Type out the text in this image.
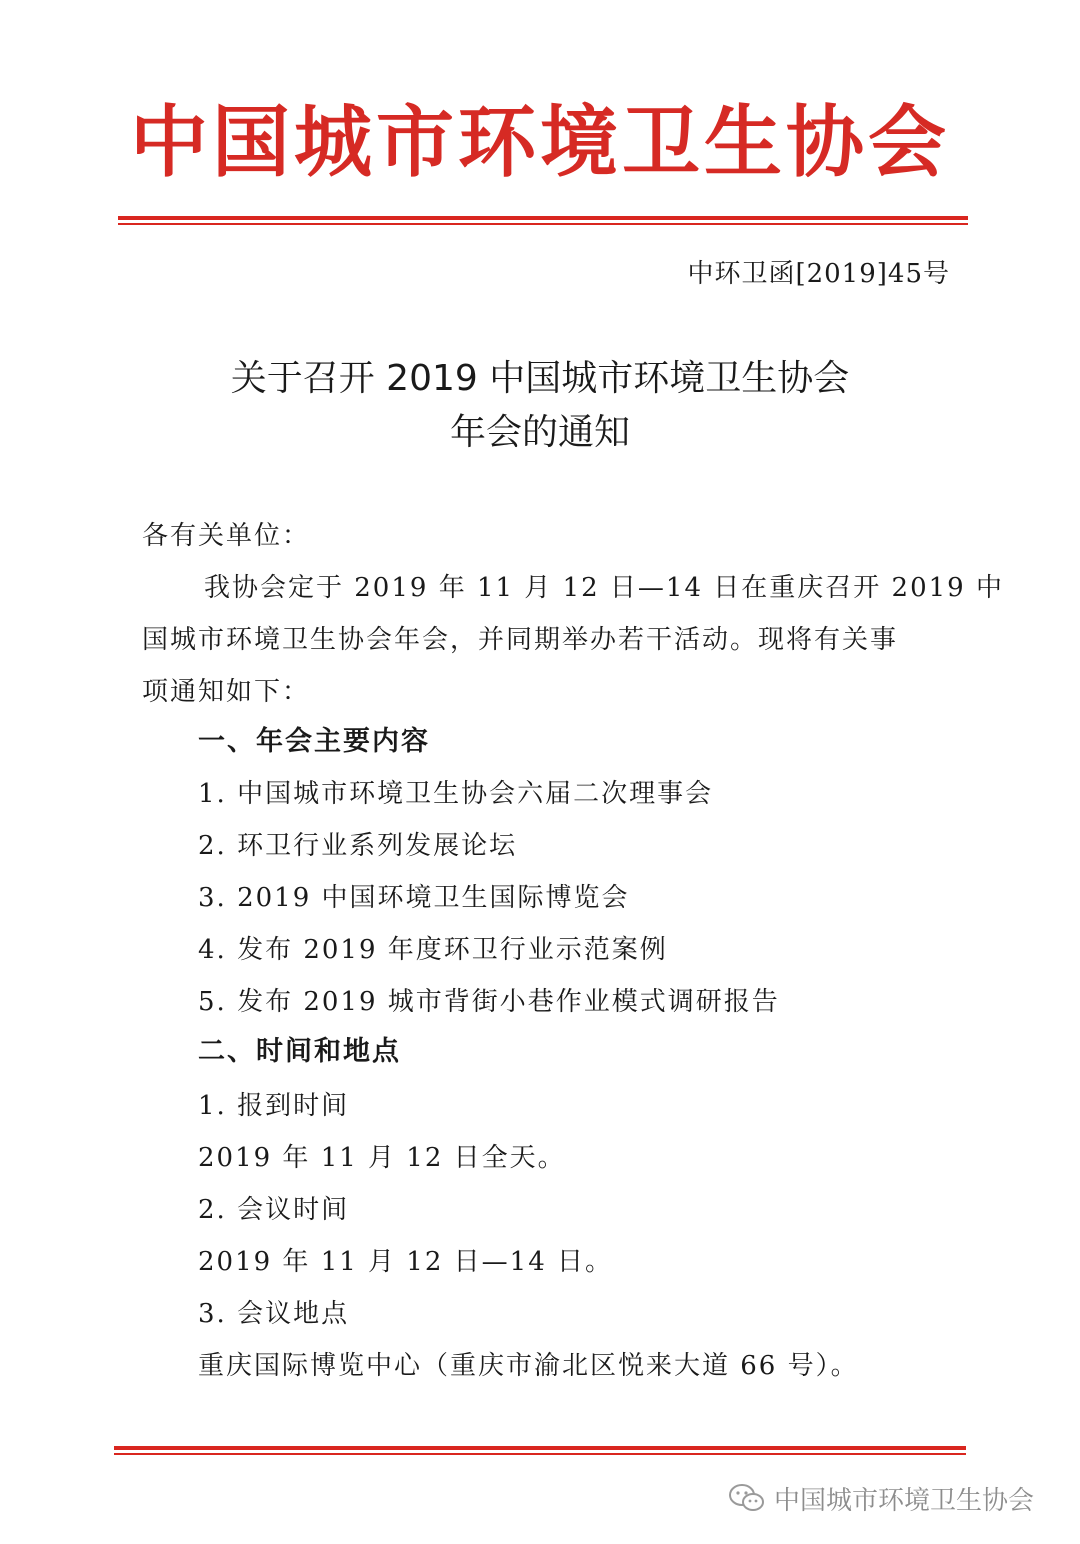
中国城市环境卫生协会
中环卫函[2019]45号
关于召开 2019 中国城市环境卫生协会
年会的通知
各有关单位：
我协会定于 2019 年 11 月 12 日—14 日在重庆召开 2019 中
国城市环境卫生协会年会，并同期举办若干活动。现将有关事
项通知如下：
一、年会主要内容
1. 中国城市环境卫生协会六届二次理事会
2. 环卫行业系列发展论坛
3. 2019 中国环境卫生国际博览会
4. 发布 2019 年度环卫行业示范案例
5. 发布 2019 城市背街小巷作业模式调研报告
二、时间和地点
1. 报到时间
2019 年 11 月 12 日全天。
2. 会议时间
2019 年 11 月 12 日—14 日。
3. 会议地点
重庆国际博览中心（重庆市渝北区悦来大道 66 号）。
中国城市环境卫生协会
